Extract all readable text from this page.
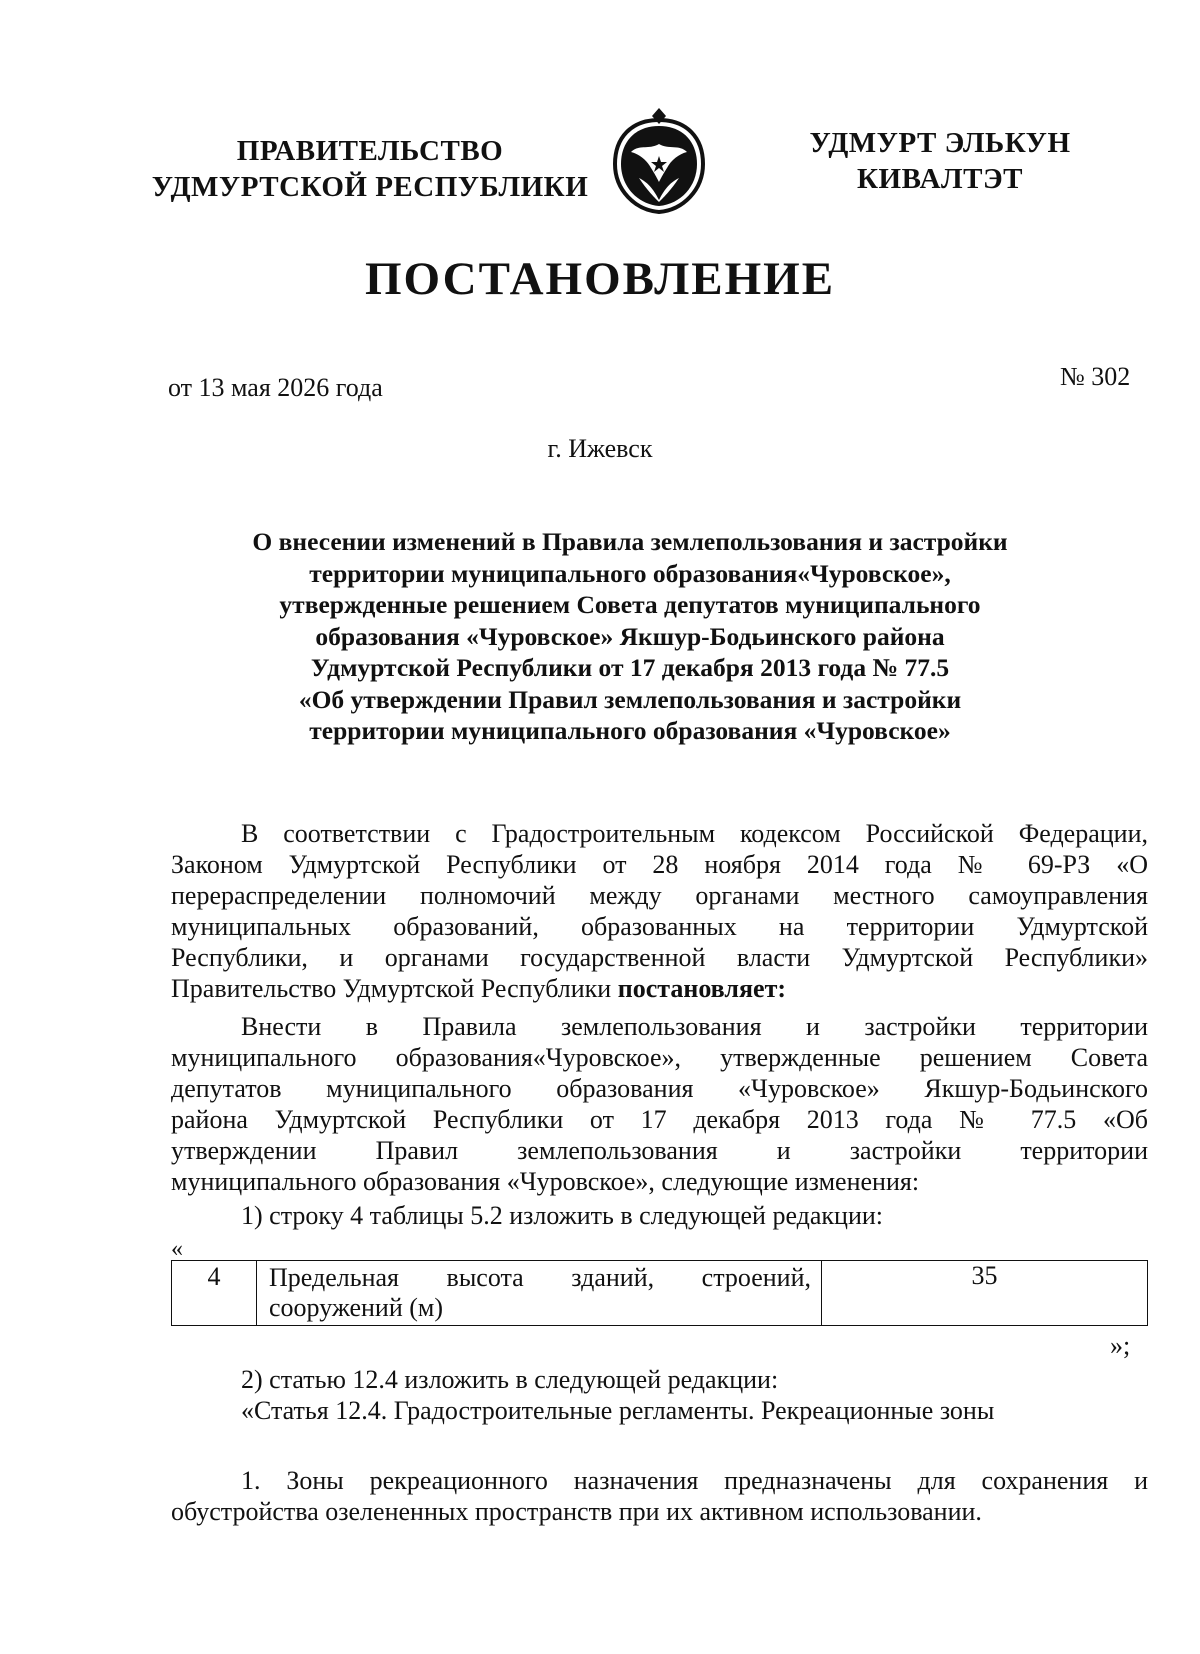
ПРАВИТЕЛЬСТВО
УДМУРТСКОЙ РЕСПУБЛИКИ
УДМУРТ ЭЛЬКУН
КИВАЛТЭТ
ПОСТАНОВЛЕНИЕ
от 13 мая 2026 года	№ 302
г. Ижевск
О внесении изменений в Правила землепользования и застройки
территории муниципального образования«Чуровское»,
утвержденные решением Совета депутатов муниципального
образования «Чуровское» Якшур-Бодьинского района
Удмуртской Республики от 17 декабря 2013 года № 77.5
«Об утверждении Правил землепользования и застройки
территории муниципального образования «Чуровское»
В соответствии с Градостроительным кодексом Российской Федерации,
Законом Удмуртской Республики от 28 ноября 2014 года № 69-РЗ «О
перераспределении полномочий между органами местного самоуправления
муниципальных образований, образованных на территории Удмуртской
Республики, и органами государственной власти Удмуртской Республики»
Правительство Удмуртской Республики постановляет:
Внести в Правила землепользования и застройки территории
муниципального образования«Чуровское», утвержденные решением Совета
депутатов муниципального образования «Чуровское» Якшур-Бодьинского
района Удмуртской Республики от 17 декабря 2013 года № 77.5 «Об
утверждении Правил землепользования и застройки территории
муниципального образования «Чуровское», следующие изменения:
1) строку 4 таблицы 5.2 изложить в следующей редакции:
«
4	Предельная высота зданий, строений,
сооружений (м)
35
»;
2) статью 12.4 изложить в следующей редакции:
«Статья 12.4. Градостроительные регламенты. Рекреационные зоны
1. Зоны рекреационного назначения предназначены для сохранения и
обустройства озелененных пространств при их активном использовании.
